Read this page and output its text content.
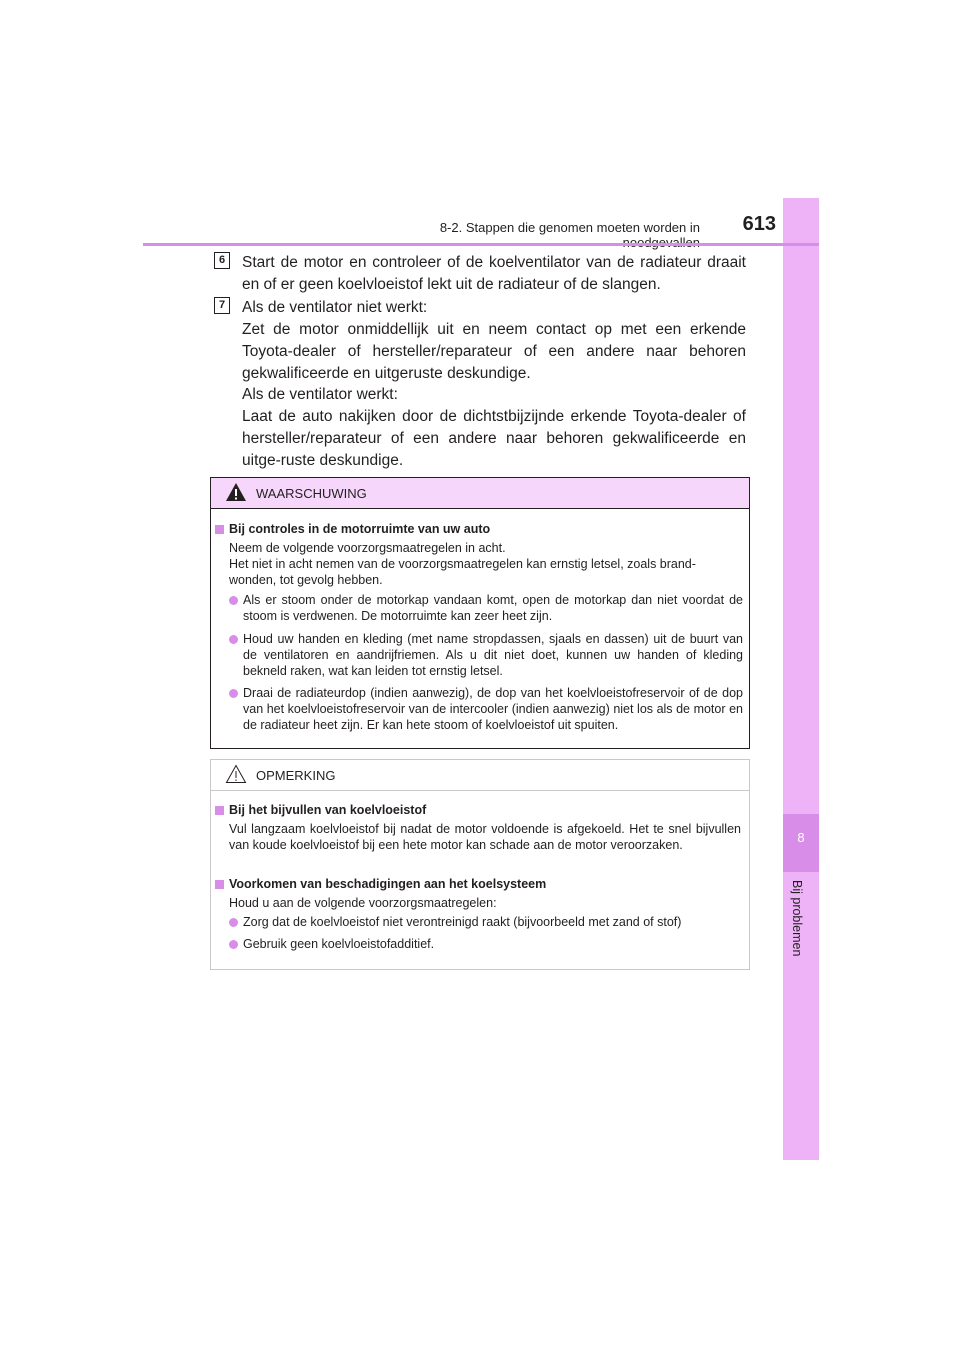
8
Bij problemen
8-2. Stappen die genomen moeten worden in	613
6	Start de motor en controleer of de koelventilator van de radiateur draait en of er geen koelvloeistof lekt uit de radiateur of de slangen.
7	Als de ventilator niet werkt:
Zet de motor onmiddellijk uit en neem contact op met een erkende Toyota-dealer of hersteller/reparateur of een andere naar behoren gekwalificeerde en uitgeruste deskundige.
Als de ventilator werkt:
Laat de auto nakijken door de dichtstbijzijnde erkende Toyota-dealer of hersteller/reparateur of een andere naar behoren gekwalificeerde en uitge-ruste deskundige.
WAARSCHUWING
Bij controles in de motorruimte van uw auto
Neem de volgende voorzorgsmaatregelen in acht.
Het niet in acht nemen van de voorzorgsmaatregelen kan ernstig letsel, zoals brand-wonden, tot gevolg hebben.
Als er stoom onder de motorkap vandaan komt, open de motorkap dan niet voordat de stoom is verdwenen. De motorruimte kan zeer heet zijn.
Houd uw handen en kleding (met name stropdassen, sjaals en dassen) uit de buurt van de ventilatoren en aandrijfriemen. Als u dit niet doet, kunnen uw handen of kleding bekneld raken, wat kan leiden tot ernstig letsel.
Draai de radiateurdop (indien aanwezig), de dop van het koelvloeistofreservoir of de dop van het koelvloeistofreservoir van de intercooler (indien aanwezig) niet los als de motor en de radiateur heet zijn. Er kan hete stoom of koelvloeistof uit spuiten.
OPMERKING
Bij het bijvullen van koelvloeistof
Vul langzaam koelvloeistof bij nadat de motor voldoende is afgekoeld. Het te snel bijvullen van koude koelvloeistof bij een hete motor kan schade aan de motor veroorzaken.
Voorkomen van beschadigingen aan het koelsysteem
Houd u aan de volgende voorzorgsmaatregelen:
Zorg dat de koelvloeistof niet verontreinigd raakt (bijvoorbeeld met zand of stof)
Gebruik geen koelvloeistofadditief.
